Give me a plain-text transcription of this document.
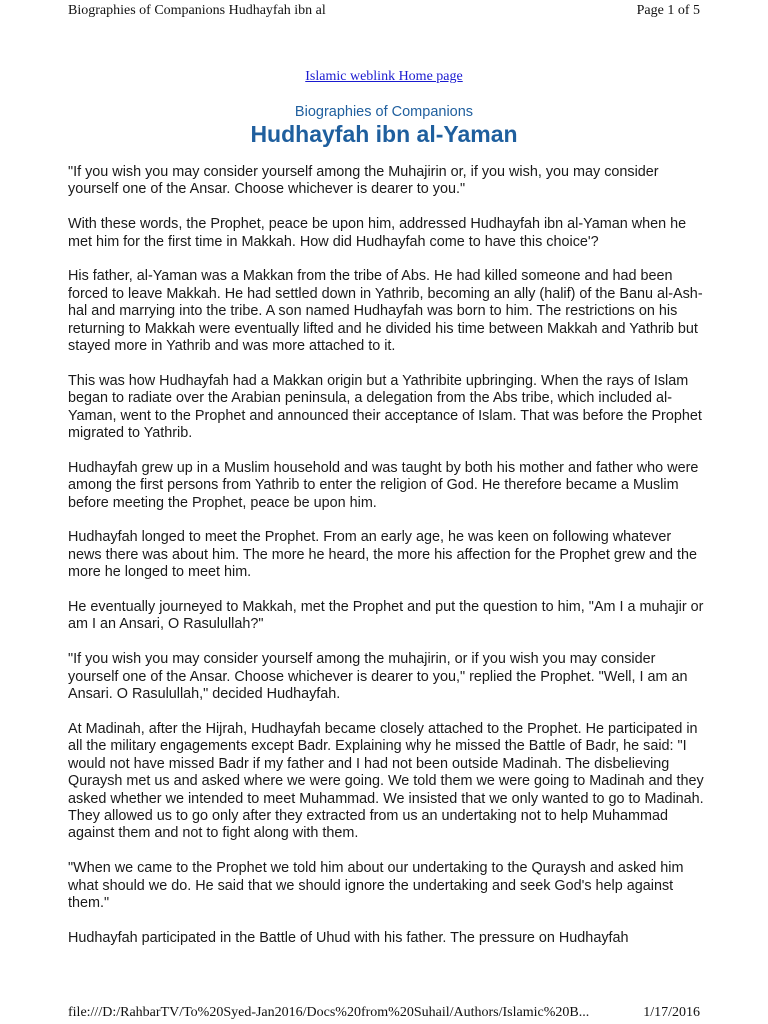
Biographies of Companions Hudhayfah ibn al	Page 1 of 5
Islamic weblink Home page
Biographies of Companions
Hudhayfah ibn al-Yaman

"If you wish you may consider yourself among the Muhajirin or, if you wish, you may consider yourself one of the Ansar. Choose whichever is dearer to you."

With these words, the Prophet, peace be upon him, addressed Hudhayfah ibn al-Yaman when he met him for the first time in Makkah. How did Hudhayfah come to have this choice'?

His father, al-Yaman was a Makkan from the tribe of Abs. He had killed someone and had been forced to leave Makkah. He had settled down in Yathrib, becoming an ally (halif) of the Banu al-Ash-hal and marrying into the tribe. A son named Hudhayfah was born to him. The restrictions on his returning to Makkah were eventually lifted and he divided his time between Makkah and Yathrib but stayed more in Yathrib and was more attached to it.

This was how Hudhayfah had a Makkan origin but a Yathribite upbringing. When the rays of Islam began to radiate over the Arabian peninsula, a delegation from the Abs tribe, which included al-Yaman, went to the Prophet and announced their acceptance of Islam. That was before the Prophet migrated to Yathrib.

Hudhayfah grew up in a Muslim household and was taught by both his mother and father who were among the first persons from Yathrib to enter the religion of God. He therefore became a Muslim before meeting the Prophet, peace be upon him.

Hudhayfah longed to meet the Prophet. From an early age, he was keen on following whatever news there was about him. The more he heard, the more his affection for the Prophet grew and the more he longed to meet him.

He eventually journeyed to Makkah, met the Prophet and put the question to him, "Am I a muhajir or am I an Ansari, O Rasulullah?"

"If you wish you may consider yourself among the muhajirin, or if you wish you may consider yourself one of the Ansar. Choose whichever is dearer to you," replied the Prophet. "Well, I am an Ansari. O Rasulullah," decided Hudhayfah.

At Madinah, after the Hijrah, Hudhayfah became closely attached to the Prophet. He participated in all the military engagements except Badr. Explaining why he missed the Battle of Badr, he said: "I would not have missed Badr if my father and I had not been outside Madinah. The disbelieving Quraysh met us and asked where we were going. We told them we were going to Madinah and they asked whether we intended to meet Muhammad. We insisted that we only wanted to go to Madinah. They allowed us to go only after they extracted from us an undertaking not to help Muhammad against them and not to fight along with them.

"When we came to the Prophet we told him about our undertaking to the Quraysh and asked him what should we do. He said that we should ignore the undertaking and seek God's help against them."

Hudhayfah participated in the Battle of Uhud with his father. The pressure on Hudhayfah

file:///D:/RahbarTV/To%20Syed-Jan2016/Docs%20from%20Suhail/Authors/Islamic%20B...	1/17/2016
